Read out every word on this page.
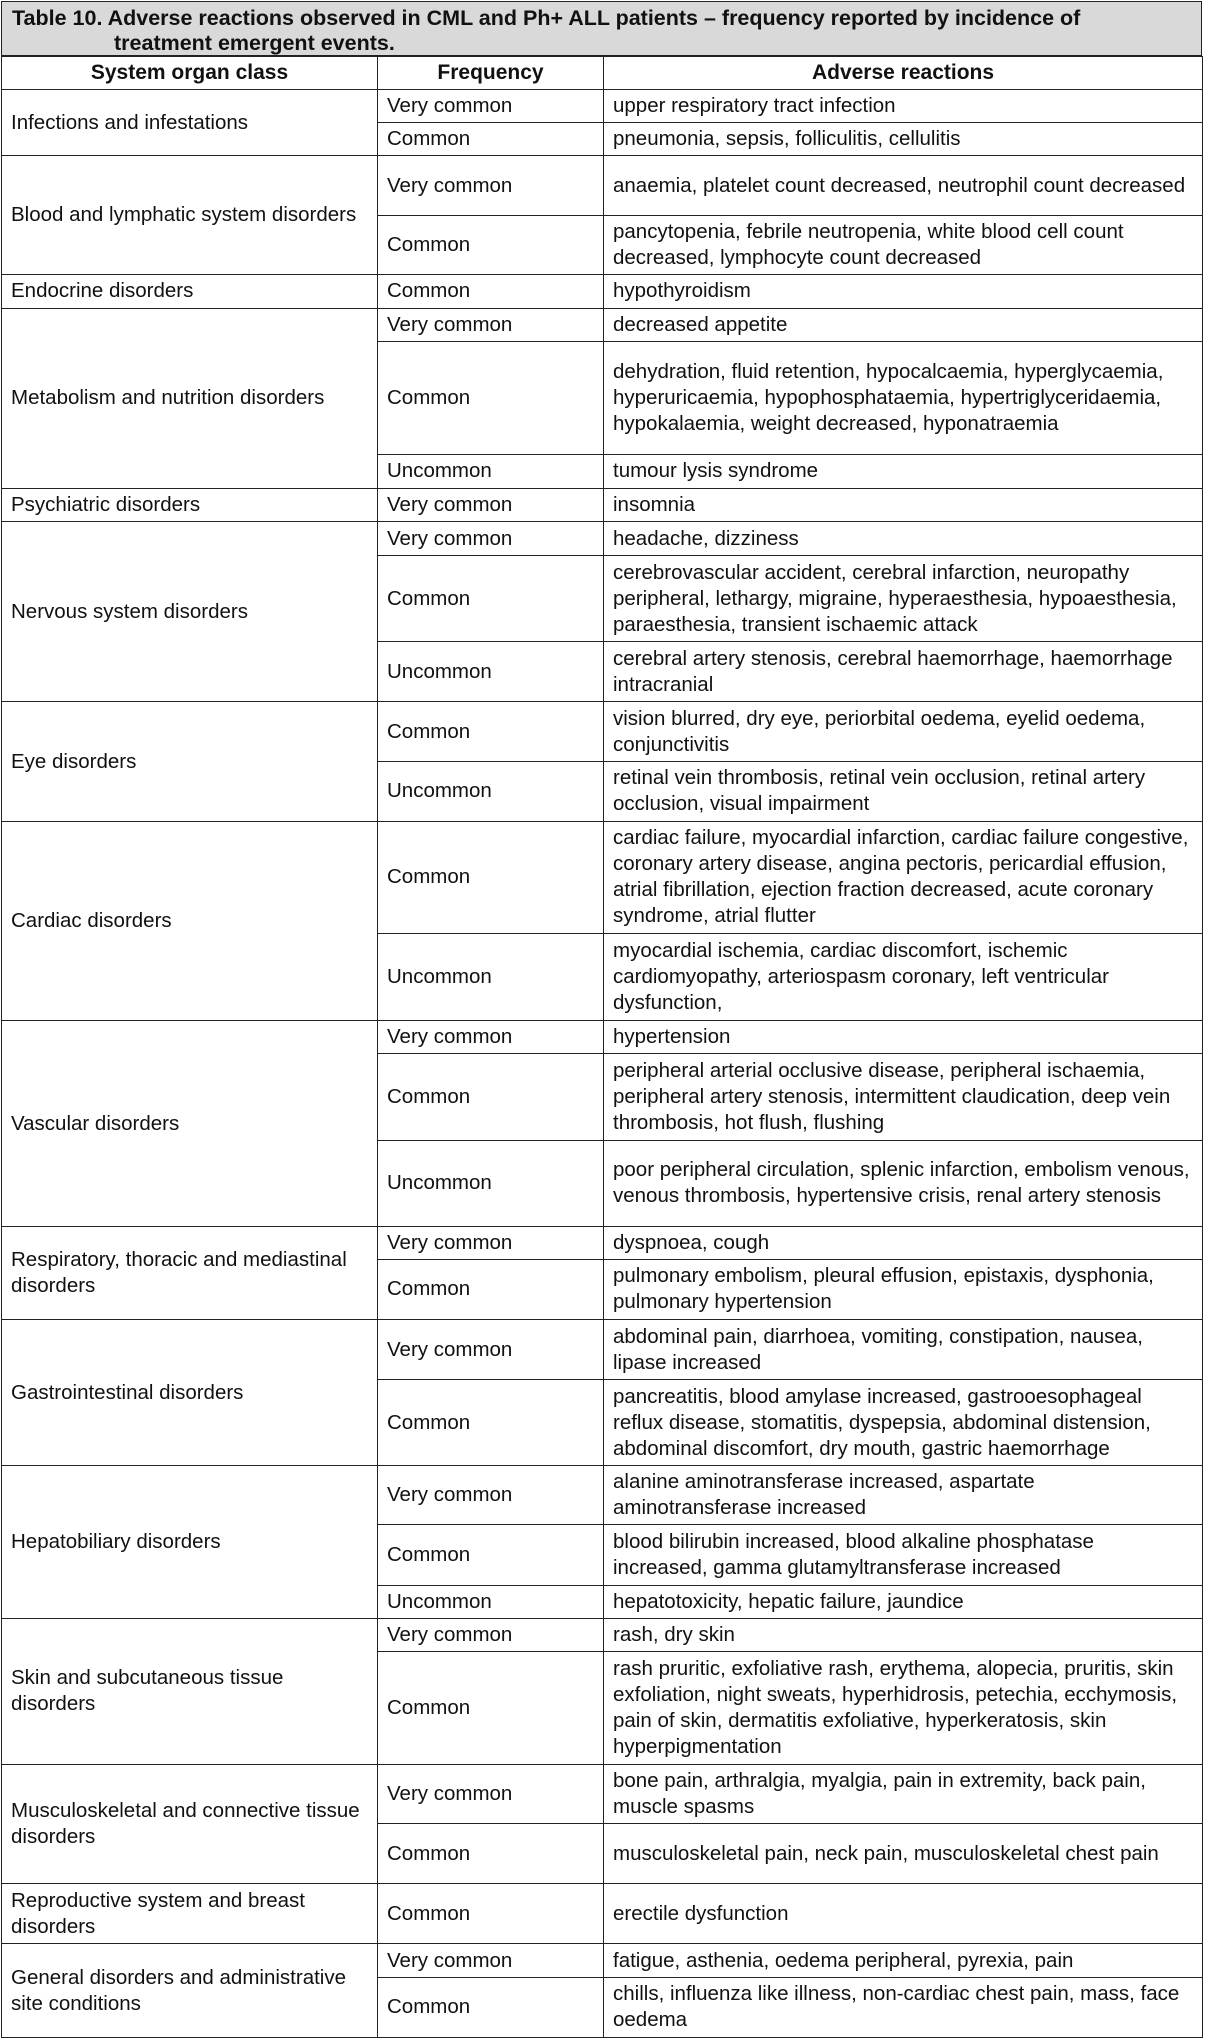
Table 10. Adverse reactions observed in CML and Ph+ ALL patients – frequency reported by incidence of
treatment emergent events.
System organ class	Frequency	Adverse reactions
Infections and infestations	Very common	upper respiratory tract infection
	Common	pneumonia, sepsis, folliculitis, cellulitis
Blood and lymphatic system disorders	Very common	anaemia, platelet count decreased, neutrophil count decreased
	Common	pancytopenia, febrile neutropenia, white blood cell count decreased, lymphocyte count decreased
Endocrine disorders	Common	hypothyroidism
Metabolism and nutrition disorders	Very common	decreased appetite
	Common	dehydration, fluid retention, hypocalcaemia, hyperglycaemia, hyperuricaemia, hypophosphataemia, hypertriglyceridaemia, hypokalaemia, weight decreased, hyponatraemia
	Uncommon	tumour lysis syndrome
Psychiatric disorders	Very common	insomnia
Nervous system disorders	Very common	headache, dizziness
	Common	cerebrovascular accident, cerebral infarction, neuropathy peripheral, lethargy, migraine, hyperaesthesia, hypoaesthesia, paraesthesia, transient ischaemic attack
	Uncommon	cerebral artery stenosis, cerebral haemorrhage, haemorrhage intracranial
Eye disorders	Common	vision blurred, dry eye, periorbital oedema, eyelid oedema, conjunctivitis
	Uncommon	retinal vein thrombosis, retinal vein occlusion, retinal artery occlusion, visual impairment
Cardiac disorders	Common	cardiac failure, myocardial infarction, cardiac failure congestive, coronary artery disease, angina pectoris, pericardial effusion, atrial fibrillation, ejection fraction decreased, acute coronary syndrome, atrial flutter
	Uncommon	myocardial ischemia, cardiac discomfort, ischemic cardiomyopathy, arteriospasm coronary, left ventricular dysfunction,
Vascular disorders	Very common	hypertension
	Common	peripheral arterial occlusive disease, peripheral ischaemia, peripheral artery stenosis, intermittent claudication, deep vein thrombosis, hot flush, flushing
	Uncommon	poor peripheral circulation, splenic infarction, embolism venous, venous thrombosis, hypertensive crisis, renal artery stenosis
Respiratory, thoracic and mediastinal disorders	Very common	dyspnoea, cough
	Common	pulmonary embolism, pleural effusion, epistaxis, dysphonia, pulmonary hypertension
Gastrointestinal disorders	Very common	abdominal pain, diarrhoea, vomiting, constipation, nausea, lipase increased
	Common	pancreatitis, blood amylase increased, gastrooesophageal reflux disease, stomatitis, dyspepsia, abdominal distension, abdominal discomfort, dry mouth, gastric haemorrhage
Hepatobiliary disorders	Very common	alanine aminotransferase increased, aspartate aminotransferase increased
	Common	blood bilirubin increased, blood alkaline phosphatase increased, gamma glutamyltransferase increased
	Uncommon	hepatotoxicity, hepatic failure, jaundice
Skin and subcutaneous tissue disorders	Very common	rash, dry skin
	Common	rash pruritic, exfoliative rash, erythema, alopecia, pruritis, skin exfoliation, night sweats, hyperhidrosis, petechia, ecchymosis, pain of skin, dermatitis exfoliative, hyperkeratosis, skin hyperpigmentation
Musculoskeletal and connective tissue disorders	Very common	bone pain, arthralgia, myalgia, pain in extremity, back pain, muscle spasms
	Common	musculoskeletal pain, neck pain, musculoskeletal chest pain
Reproductive system and breast disorders	Common	erectile dysfunction
General disorders and administrative site conditions	Very common	fatigue, asthenia, oedema peripheral, pyrexia, pain
	Common	chills, influenza like illness, non-cardiac chest pain, mass, face oedema
